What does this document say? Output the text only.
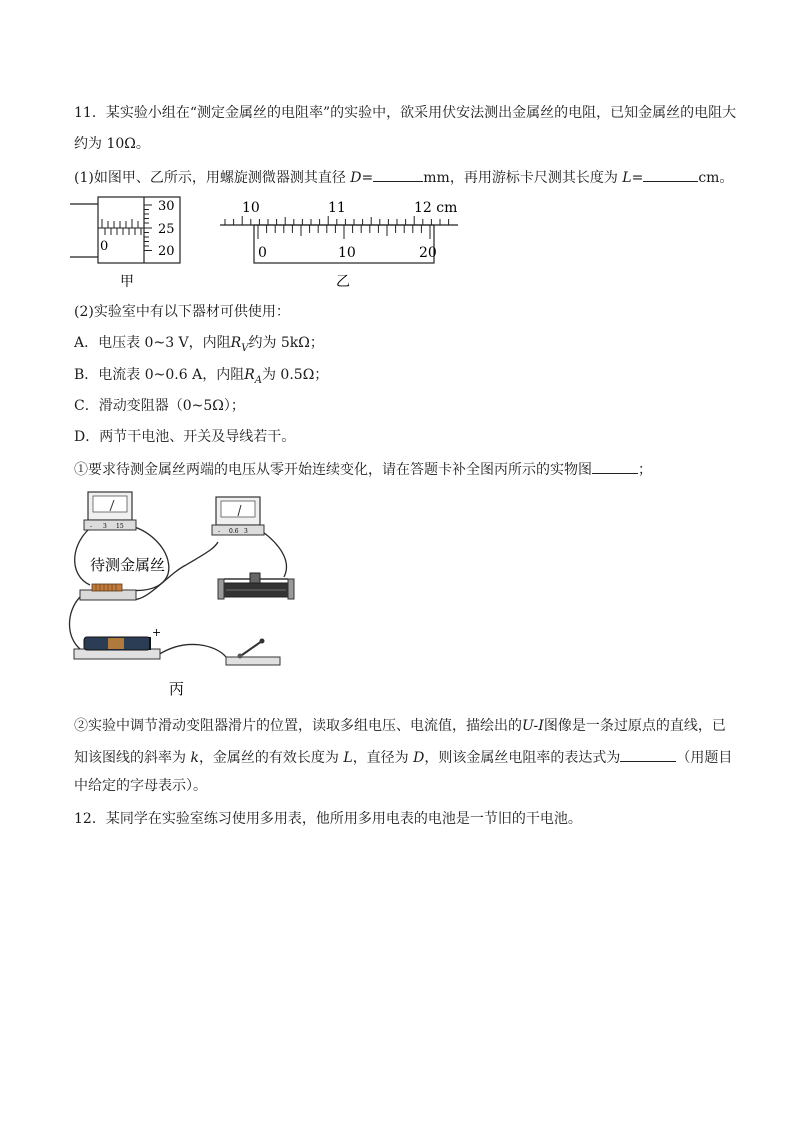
11．某实验小组在“测定金属丝的电阻率”的实验中，欲采用伏安法测出金属丝的电阻，已知金属丝的电阻大
约为 10Ω。
(1)如图甲、乙所示，用螺旋测微器测其直径 D=	mm，再用游标卡尺测其长度为 L=	cm。
30
25
20
0
甲
10	11	12 cm
0	10	20
乙
(2)实验室中有以下器材可供使用：
A．电压表 0~3 V，内阻$R_V$约为 5kΩ；
B．电流表 0~0.6 A，内阻$R_A$为 0.5Ω；
C．滑动变阻器（0~5Ω）；
D．两节干电池、开关及导线若干。
①要求待测金属丝两端的电压从零开始连续变化，请在答题卡补全图丙所示的实物图	；
- 3 15
- 0.6 3
待测金属丝
+
丙
②实验中调节滑动变阻器滑片的位置，读取多组电压、电流值，描绘出的U-I图像是一条过原点的直线，已
知该图线的斜率为 k，金属丝的有效长度为 L，直径为 D，则该金属丝电阻率的表达式为	（用题目
中给定的字母表示）。
12．某同学在实验室练习使用多用表，他所用多用电表的电池是一节旧的干电池。
